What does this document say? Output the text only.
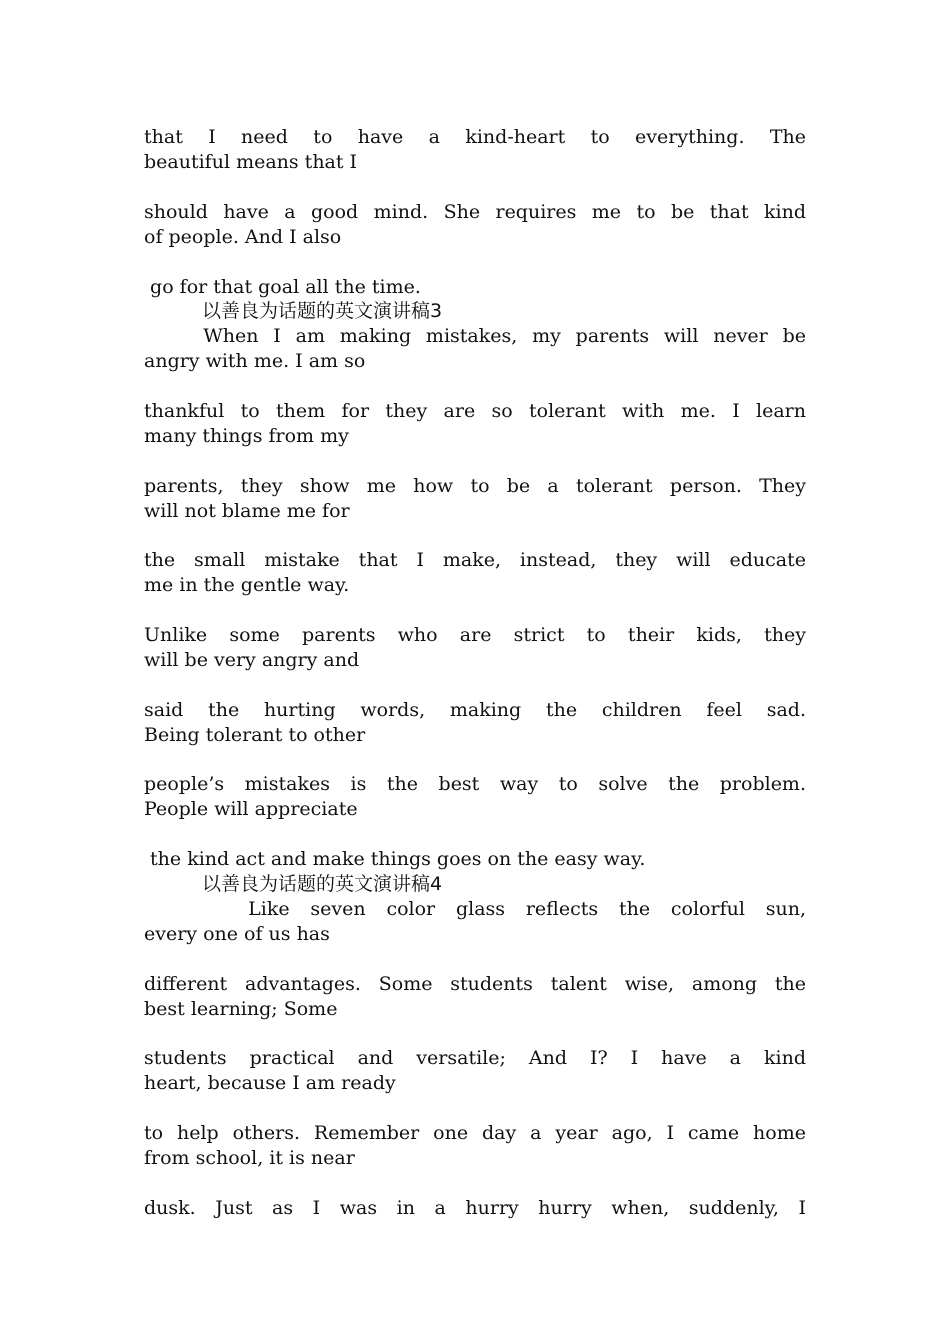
that I need to have a kind-heart to everything. The
beautiful means that I
should have a good mind. She requires me to be that kind
of people. And I also
go for that goal all the time.
以善良为话题的英文演讲稿3
When I am making mistakes, my parents will never be
angry with me. I am so
thankful to them for they are so tolerant with me. I learn
many things from my
parents, they show me how to be a tolerant person. They
will not blame me for
the small mistake that I make, instead, they will educate
me in the gentle way.
Unlike some parents who are strict to their kids, they
will be very angry and
said the hurting words, making the children feel sad.
Being tolerant to other
people’s mistakes is the best way to solve the problem.
People will appreciate
the kind act and make things goes on the easy way.
以善良为话题的英文演讲稿4
Like seven color glass reflects the colorful sun,
every one of us has
different advantages. Some students talent wise, among the
best learning; Some
students practical and versatile; And I? I have a kind
heart, because I am ready
to help others. Remember one day a year ago, I came home
from school, it is near
dusk. Just as I was in a hurry hurry when, suddenly, I
